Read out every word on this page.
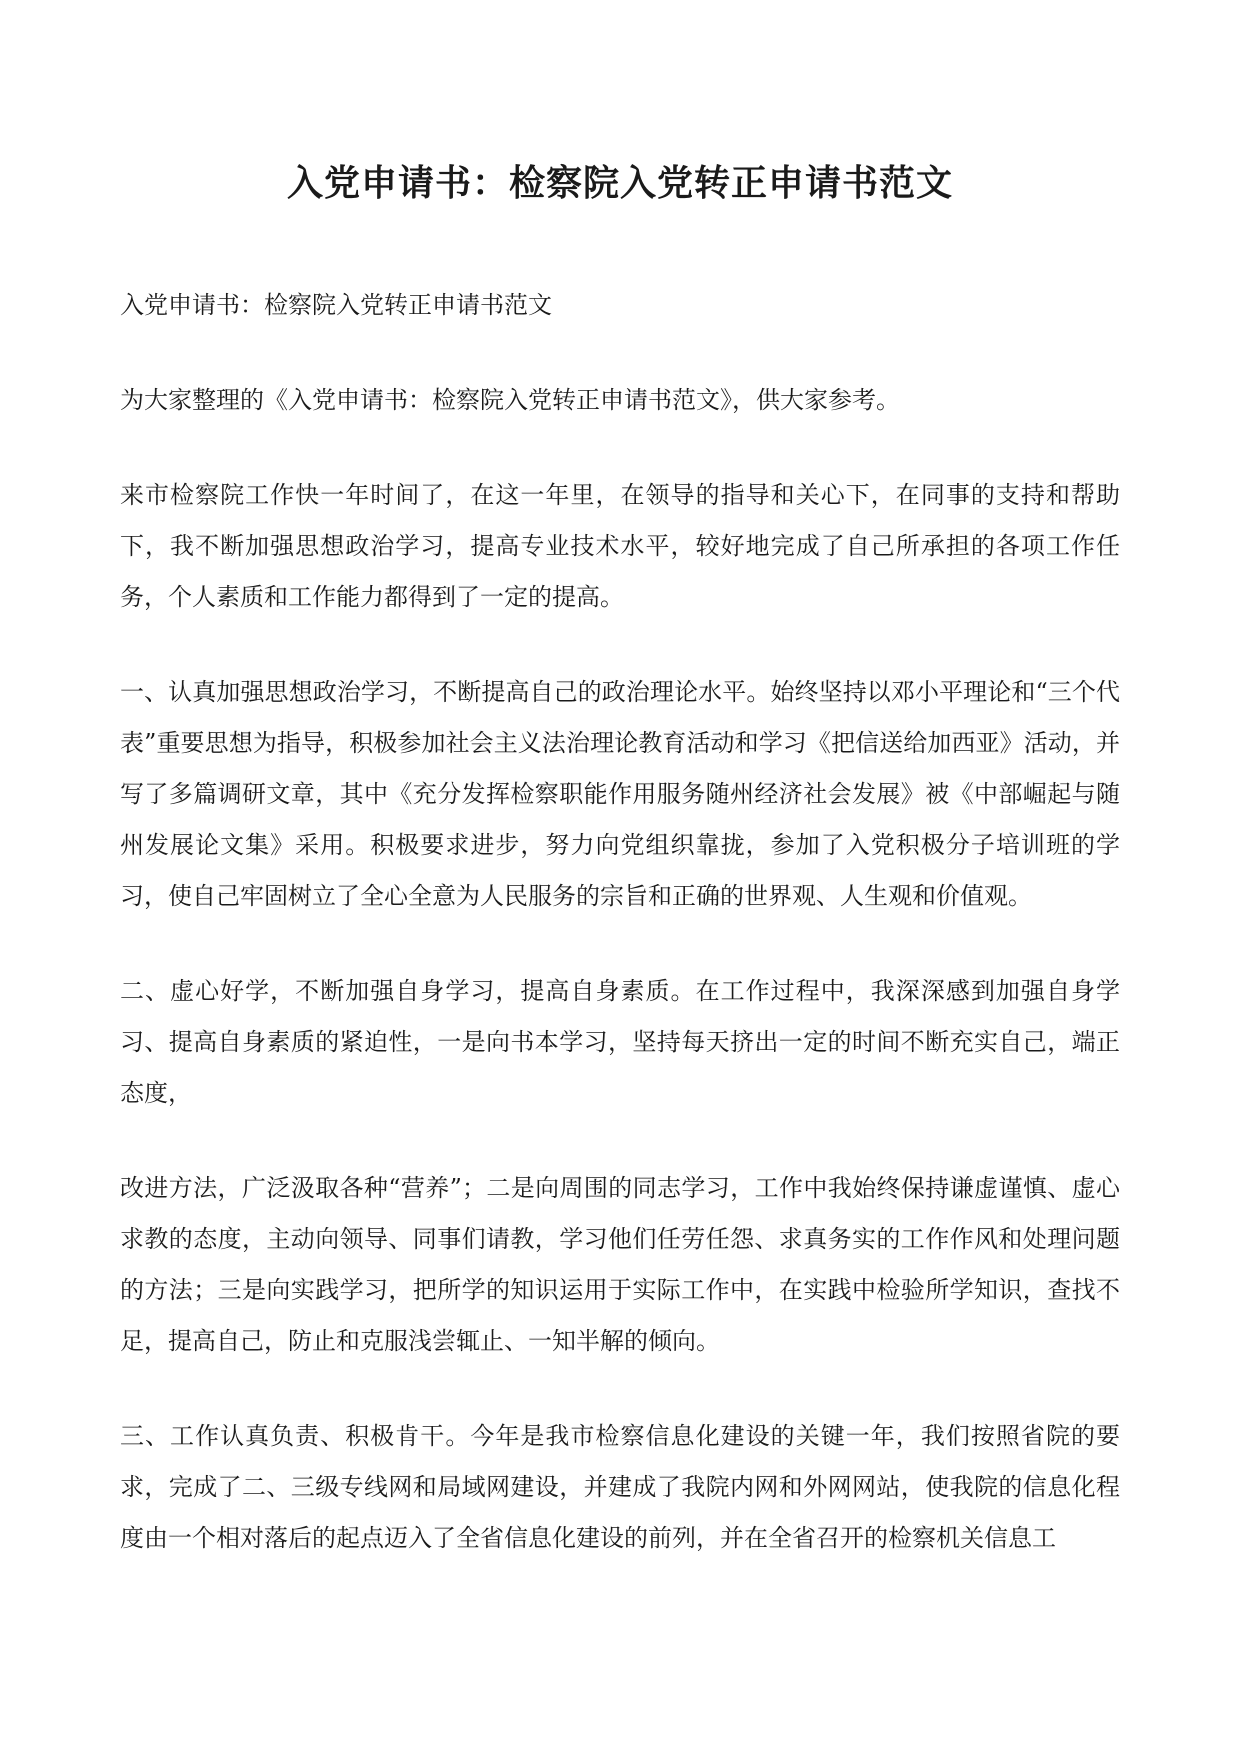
入党申请书：检察院入党转正申请书范文

入党申请书：检察院入党转正申请书范文

为大家整理的《入党申请书：检察院入党转正申请书范文》，供大家参考。

来市检察院工作快一年时间了，在这一年里，在领导的指导和关心下，在同事的支持和帮助下，我不断加强思想政治学习，提高专业技术水平，较好地完成了自己所承担的各项工作任务，个人素质和工作能力都得到了一定的提高。

一、认真加强思想政治学习，不断提高自己的政治理论水平。始终坚持以邓小平理论和“三个代表”重要思想为指导，积极参加社会主义法治理论教育活动和学习《把信送给加西亚》活动，并写了多篇调研文章，其中《充分发挥检察职能作用服务随州经济社会发展》被《中部崛起与随州发展论文集》采用。积极要求进步，努力向党组织靠拢，参加了入党积极分子培训班的学习，使自己牢固树立了全心全意为人民服务的宗旨和正确的世界观、人生观和价值观。

二、虚心好学，不断加强自身学习，提高自身素质。在工作过程中，我深深感到加强自身学习、提高自身素质的紧迫性，一是向书本学习，坚持每天挤出一定的时间不断充实自己，端正态度，

改进方法，广泛汲取各种“营养”；二是向周围的同志学习，工作中我始终保持谦虚谨慎、虚心求教的态度，主动向领导、同事们请教，学习他们任劳任怨、求真务实的工作作风和处理问题的方法；三是向实践学习，把所学的知识运用于实际工作中，在实践中检验所学知识，查找不足，提高自己，防止和克服浅尝辄止、一知半解的倾向。

三、工作认真负责、积极肯干。今年是我市检察信息化建设的关键一年，我们按照省院的要求，完成了二、三级专线网和局域网建设，并建成了我院内网和外网网站，使我院的信息化程度由一个相对落后的起点迈入了全省信息化建设的前列，并在全省召开的检察机关信息工
